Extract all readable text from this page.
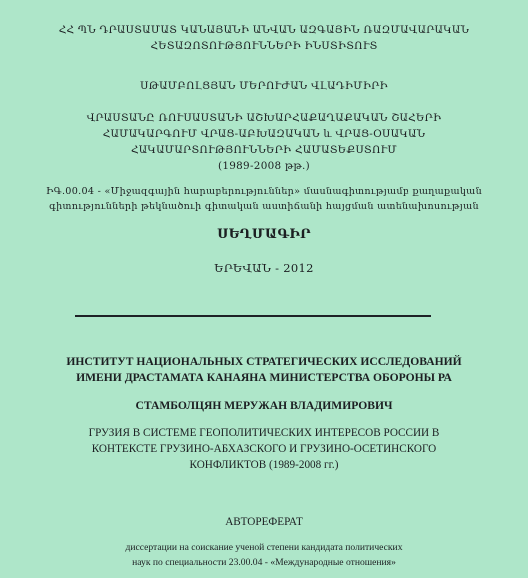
ՀՀ ՊՆ ԴՐԱՍՏԱՄԱՏ ԿԱՆԱՅԱՆԻ ԱՆՎԱՆ ԱԶԳԱՅԻՆ ՌԱԶՄԱՎԱՐԱԿԱՆ
ՀԵՏԱԶՈՏՈՒԹՅՈՒՆՆԵՐԻ ԻՆՍՏԻՏՈՒՏ
ՍԹԱՄԲՈԼՑՅԱՆ ՄԵՐՈՒԺԱՆ ՎԼԱԴԻՄԻՐԻ
ՎՐԱՍՏԱՆԸ ՌՈՒՍԱՍՏԱՆԻ ԱՇԽԱՐՀԱՔԱՂԱՔԱԿԱՆ ՇԱՀԵՐԻ
ՀԱՄԱԿԱՐԳՈՒՄ ՎՐԱՑ-ԱԲԽԱԶԱԿԱՆ և ՎՐԱՑ-ՕՍԱԿԱՆ
ՀԱԿԱՄԱՐՏՈՒԹՅՈՒՆՆԵՐԻ ՀԱՄԱՏԵՔՍՏՈՒՄ
(1989-2008 թթ.)
ԻԳ.00.04 - «Միջազգային հարաբերություններ» մասնագիտությամբ քաղաքական
գիտությունների թեկնածուի գիտական աստիճանի հայցման ատենախոսության
ՍԵՂՄԱԳԻՐ
ԵՐԵՎԱՆ - 2012
ИНСТИТУТ НАЦИОНАЛЬНЫХ СТРАТЕГИЧЕСКИХ ИССЛЕДОВАНИЙ
ИМЕНИ ДРАСТАМАТА КАНАЯНА МИНИСТЕРСТВА ОБОРОНЫ РА
СТАМБОЛЦЯН МЕРУЖАН ВЛАДИМИРОВИЧ
ГРУЗИЯ В СИСТЕМЕ ГЕОПОЛИТИЧЕСКИХ ИНТЕРЕСОВ РОССИИ В
КОНТЕКСТЕ ГРУЗИНО-АБХАЗСКОГО И ГРУЗИНО-ОСЕТИНСКОГО
КОНФЛИКТОВ (1989-2008 гг.)
АВТОРЕФЕРАТ
диссертации на соискание ученой степени кандидата политических
наук по специальности 23.00.04 - «Международные отношения»
